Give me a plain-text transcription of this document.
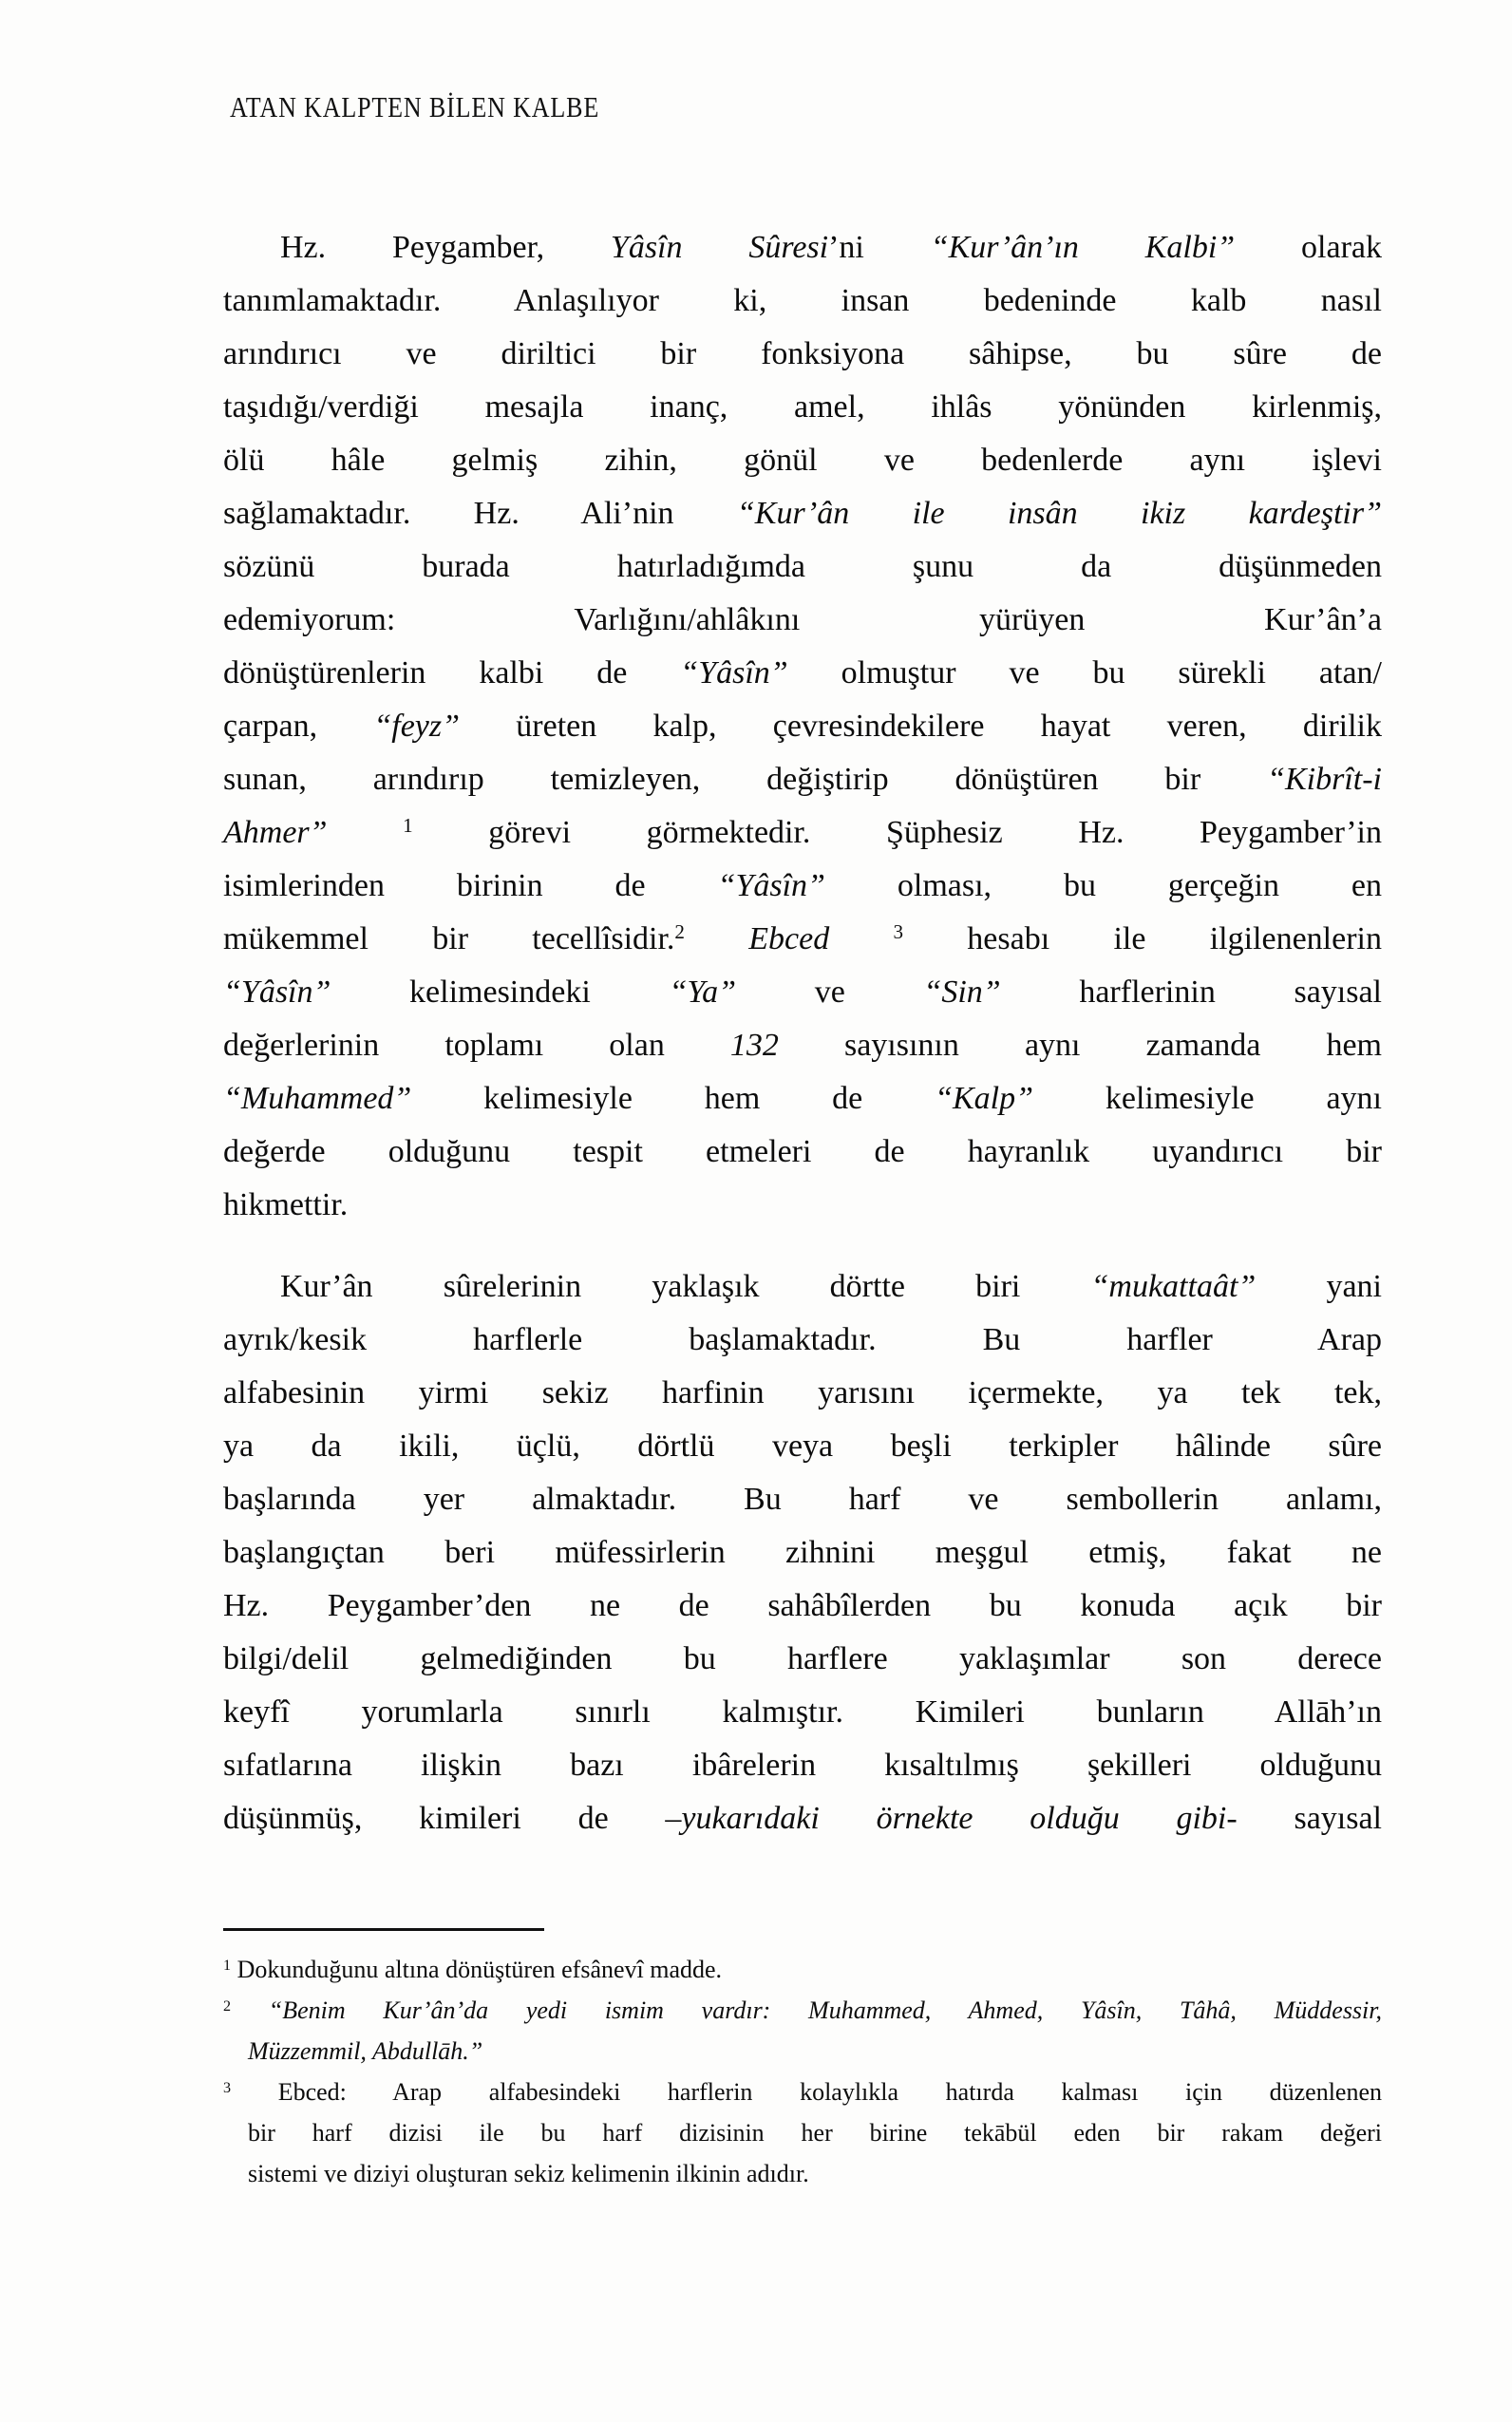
ATAN KALPTEN BİLEN KALBE
Hz. Peygamber, Yâsîn Sûresi’ni “Kur’ân’ın Kalbi” olarak
tanımlamaktadır. Anlaşılıyor ki, insan bedeninde kalb nasıl
arındırıcı ve diriltici bir fonksiyona sâhipse, bu sûre de
taşıdığı/verdiği mesajla inanç, amel, ihlâs yönünden kirlenmiş,
ölü hâle gelmiş zihin, gönül ve bedenlerde aynı işlevi
sağlamaktadır. Hz. Ali’nin “Kur’ân ile insân ikiz kardeştir”
sözünü burada hatırladığımda şunu da düşünmeden
edemiyorum: Varlığını/ahlâkını yürüyen Kur’ân’a
dönüştürenlerin kalbi de “Yâsîn” olmuştur ve bu sürekli atan/
çarpan, “feyz” üreten kalp, çevresindekilere hayat veren, dirilik
sunan, arındırıp temizleyen, değiştirip dönüştüren bir “Kibrît-i
Ahmer”	$^1$ görevi görmektedir. Şüphesiz Hz. Peygamber’in
isimlerinden birinin de “Yâsîn” olması, bu gerçeğin en
mükemmel bir tecellîsidir.$^2$ Ebced	$^3$ hesabı ile ilgilenenlerin
“Yâsîn” kelimesindeki “Ya” ve “Sin” harflerinin sayısal
değerlerinin toplamı olan 132 sayısının aynı zamanda hem
“Muhammed” kelimesiyle hem de “Kalp” kelimesiyle aynı
değerde olduğunu tespit etmeleri de hayranlık uyandırıcı bir
hikmettir.
Kur’ân sûrelerinin yaklaşık dörtte biri “mukattaât” yani
ayrık/kesik harflerle başlamaktadır. Bu harfler Arap
alfabesinin yirmi sekiz harfinin yarısını içermekte, ya tek tek,
ya da ikili, üçlü, dörtlü veya beşli terkipler hâlinde sûre
başlarında yer almaktadır. Bu harf ve sembollerin anlamı,
başlangıçtan beri müfessirlerin zihnini meşgul etmiş, fakat ne
Hz. Peygamber’den ne de sahâbîlerden bu konuda açık bir
bilgi/delil gelmediğinden bu harflere yaklaşımlar son derece
keyfî yorumlarla sınırlı kalmıştır. Kimileri bunların Allāh’ın
sıfatlarına ilişkin bazı ibârelerin kısaltılmış şekilleri olduğunu
düşünmüş, kimileri de –yukarıdaki örnekte olduğu gibi- sayısal
$^1$ Dokunduğunu altına dönüştüren efsânevî madde.
$^2$ “Benim Kur’ân’da yedi ismim vardır: Muhammed, Ahmed, Yâsîn, Tâhâ, Müddessir,
Müzzemmil, Abdullāh.”
$^3$ Ebced: Arap alfabesindeki harflerin kolaylıkla hatırda kalması için düzenlenen
bir harf dizisi ile bu harf dizisinin her birine tekābül eden bir rakam değeri
sistemi ve diziyi oluşturan sekiz kelimenin ilkinin adıdır.
